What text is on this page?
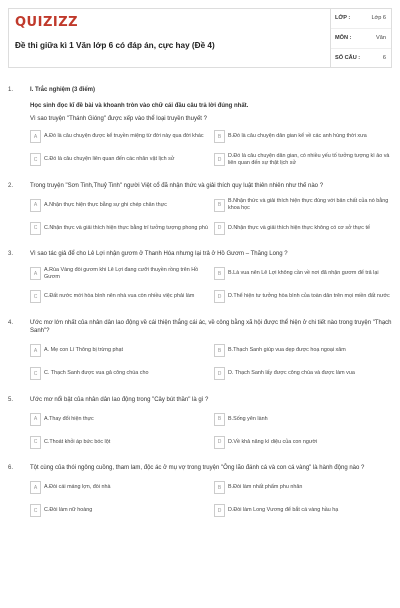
QUIZIZZ
Đề thi giữa kì 1 Văn lớp 6 có đáp án, cực hay (Đề 4)
LỚP :	Lớp 6
MÔN :	Văn
SỐ CÂU :	6
1.	I. Trắc nghiệm (3 điểm)
Học sinh đọc kĩ đề bài và khoanh tròn vào chữ cái đầu câu trả lời đúng nhất.
Vì sao truyện "Thánh Gióng" được xếp vào thể loại truyền thuyết ?
A	A.Đó là câu chuyện được kể truyền miệng từ đời này qua đời khác	B	B.Đó là câu chuyện dân gian kể về các anh hùng thời xưa
C	C.Đó là câu chuyện liên quan đến các nhân vật lịch sử	D
D.Đó là câu chuyện dân gian, có nhiều yếu tố tưởng tượng kì ảo và liên quan đến sự thật lịch sử
2.	Trong truyện "Sơn Tinh,Thuỷ Tinh" người Việt cổ đã nhận thức và giải thích quy luật thiên nhiên như thế nào ?
A	A.Nhận thực hiện thực bằng sự ghi chép chân thực	B
B.Nhận thức và giải thích hiện thực đúng với bản chất của nó bằng khoa học
C	C.Nhận thực và giải thích hiện thực bằng trí tưởng tượng phong phú	D	D.Nhận thực và giải thích hiện thực không có cơ sở thực tế
3.	Vì sao tác giả để cho Lê Lợi nhận gươm ở Thanh Hóa nhưng lại trả ở Hồ Gươm – Thăng Long ?
A
A.Rùa Vàng đòi gươm khi Lê Lợi đang cưỡi thuyền rồng trên Hồ Gươm	B	B.Là vua nên Lê Lợi không cần về nơi đã nhận gươm để trả lại
C	C.Đất nước mới hòa bình nên nhà vua còn nhiều việc phải làm	D	D.Thể hiện tư tưởng hòa bình của toàn dân trên mọi miền đất nước
4.	Ước mơ lớn nhất của nhân dân lao động về cái thiện thắng cái ác, về công bằng xã hội được thể hiện ở chi tiết nào trong truyện "Thạch Sanh"?
A	A. Mẹ con Lí Thông bị trừng phạt	B	B.Thạch Sanh giúp vua dẹp được hoạ ngoại xâm
C	C. Thạch Sanh được vua gả công chúa cho	D	D. Thạch Sanh lấy được công chúa và được làm vua
5.	Ước mơ nổi bật của nhân dân lao động trong "Cây bút thần" là gì ?
A	A.Thay đổi hiện thực	B	B.Sống yên lành
C	C.Thoát khỏi áp bức bóc lột	D	D.Về khả năng kì diệu của con người
6.	Tột cùng của thói ngông cuồng, tham lam, độc ác ở mụ vợ trong truyện "Ông lão đánh cá và con cá vàng" là hành động nào ?
A	A.Đòi cái máng lợn, đòi nhà	B	B.Đòi làm nhất phẩm phu nhân
C	C.Đòi làm nữ hoàng	D	D.Đòi làm Long Vương để bắt cá vàng hầu hạ
